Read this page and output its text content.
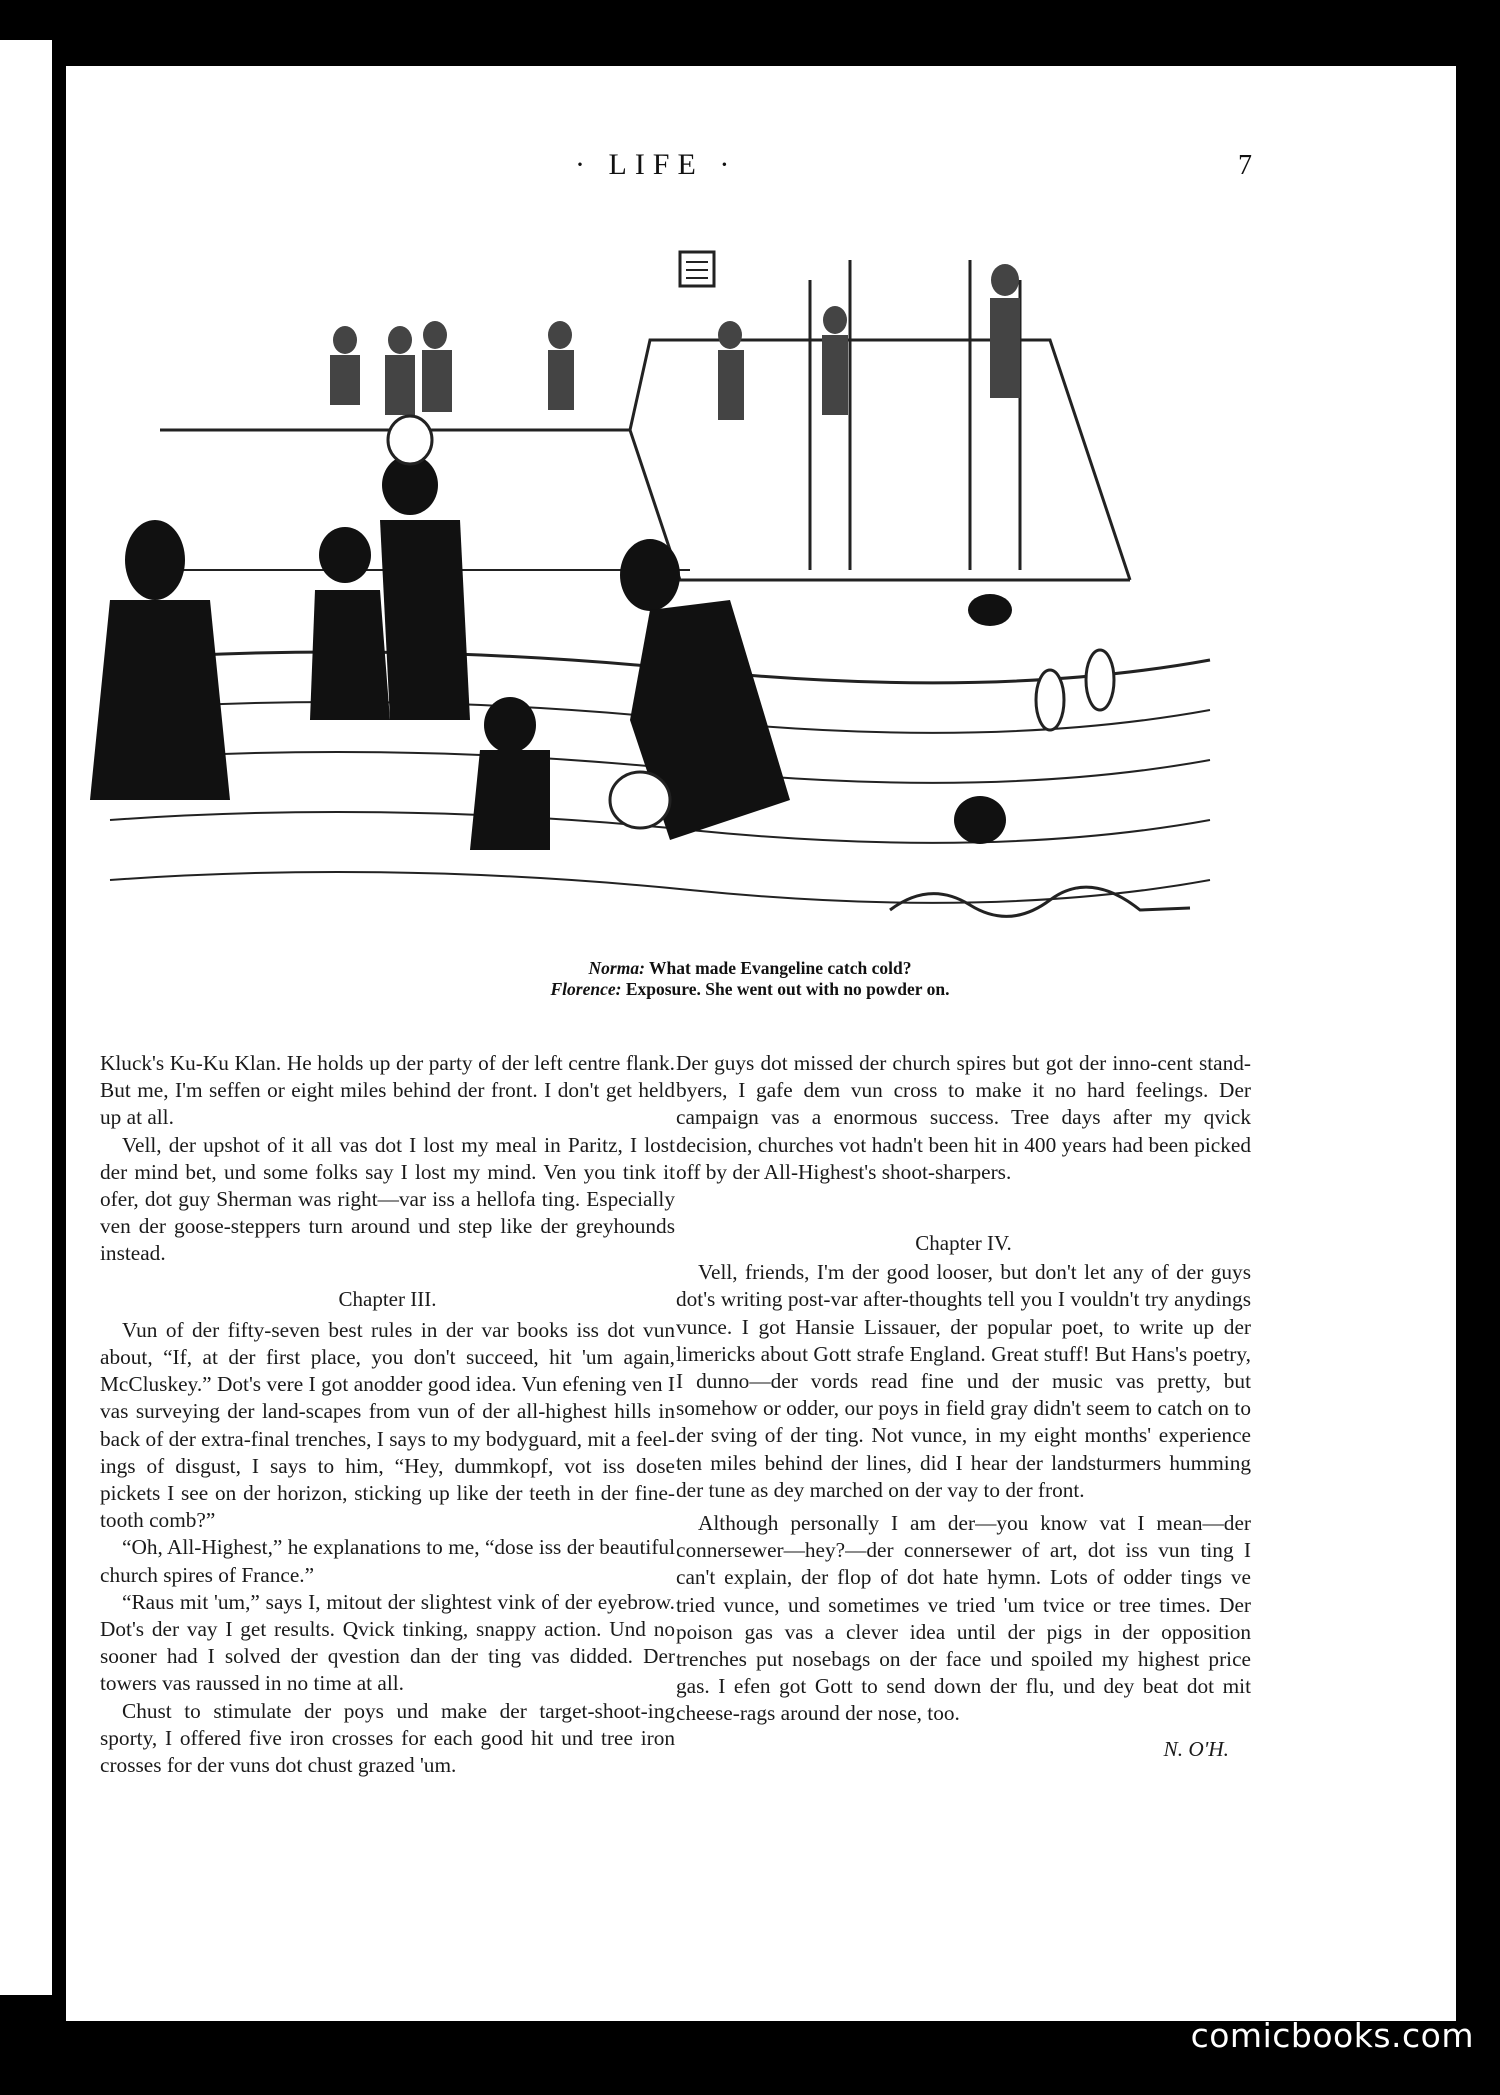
· LIFE ·	7
Norma: What made Evangeline catch cold?
Florence: Exposure. She went out with no powder on.

Kluck's Ku-Ku Klan. He holds up der party of der left centre flank. But me, I'm seffen or eight miles behind der front. I don't get held up at all.

Vell, der upshot of it all vas dot I lost my meal in Paritz, I lost der mind bet, und some folks say I lost my mind. Ven you tink it ofer, dot guy Sherman was right—var iss a hellofa ting. Especially ven der goose-steppers turn around und step like der greyhounds instead.

Chapter III.

Vun of der fifty-seven best rules in der var books iss dot vun about, “If, at der first place, you don't succeed, hit 'um again, McCluskey.” Dot's vere I got anodder good idea. Vun efening ven I vas surveying der land-scapes from vun of der all-highest hills in back of der extra-final trenches, I says to my bodyguard, mit a feel-ings of disgust, I says to him, “Hey, dummkopf, vot iss dose pickets I see on der horizon, sticking up like der teeth in der fine-tooth comb?”

“Oh, All-Highest,” he explanations to me, “dose iss der beautiful church spires of France.”

“Raus mit 'um,” says I, mitout der slightest vink of der eyebrow. Dot's der vay I get results. Qvick tinking, snappy action. Und no sooner had I solved der qvestion dan der ting vas didded. Der towers vas raussed in no time at all.

Chust to stimulate der poys und make der target-shoot-ing sporty, I offered five iron crosses for each good hit und tree iron crosses for der vuns dot chust grazed 'um.

Der guys dot missed der church spires but got der inno-cent stand-byers, I gafe dem vun cross to make it no hard feelings. Der campaign vas a enormous success. Tree days after my qvick decision, churches vot hadn't been hit in 400 years had been picked off by der All-Highest's shoot-sharpers.

Chapter IV.

Vell, friends, I'm der good looser, but don't let any of der guys dot's writing post-var after-thoughts tell you I vouldn't try anydings vunce. I got Hansie Lissauer, der popular poet, to write up der limericks about Gott strafe England. Great stuff! But Hans's poetry, I dunno—der vords read fine und der music vas pretty, but somehow or odder, our poys in field gray didn't seem to catch on to der sving of der ting. Not vunce, in my eight months' experience ten miles behind der lines, did I hear der landsturmers humming der tune as dey marched on der vay to der front.

Although personally I am der—you know vat I mean—der connersewer—hey?—der connersewer of art, dot iss vun ting I can't explain, der flop of dot hate hymn. Lots of odder tings ve tried vunce, und sometimes ve tried 'um tvice or tree times. Der poison gas vas a clever idea until der pigs in der opposition trenches put nosebags on der face und spoiled my highest price gas. I efen got Gott to send down der flu, und dey beat dot mit cheese-rags around der nose, too.

N. O'H.
comicbooks.com
